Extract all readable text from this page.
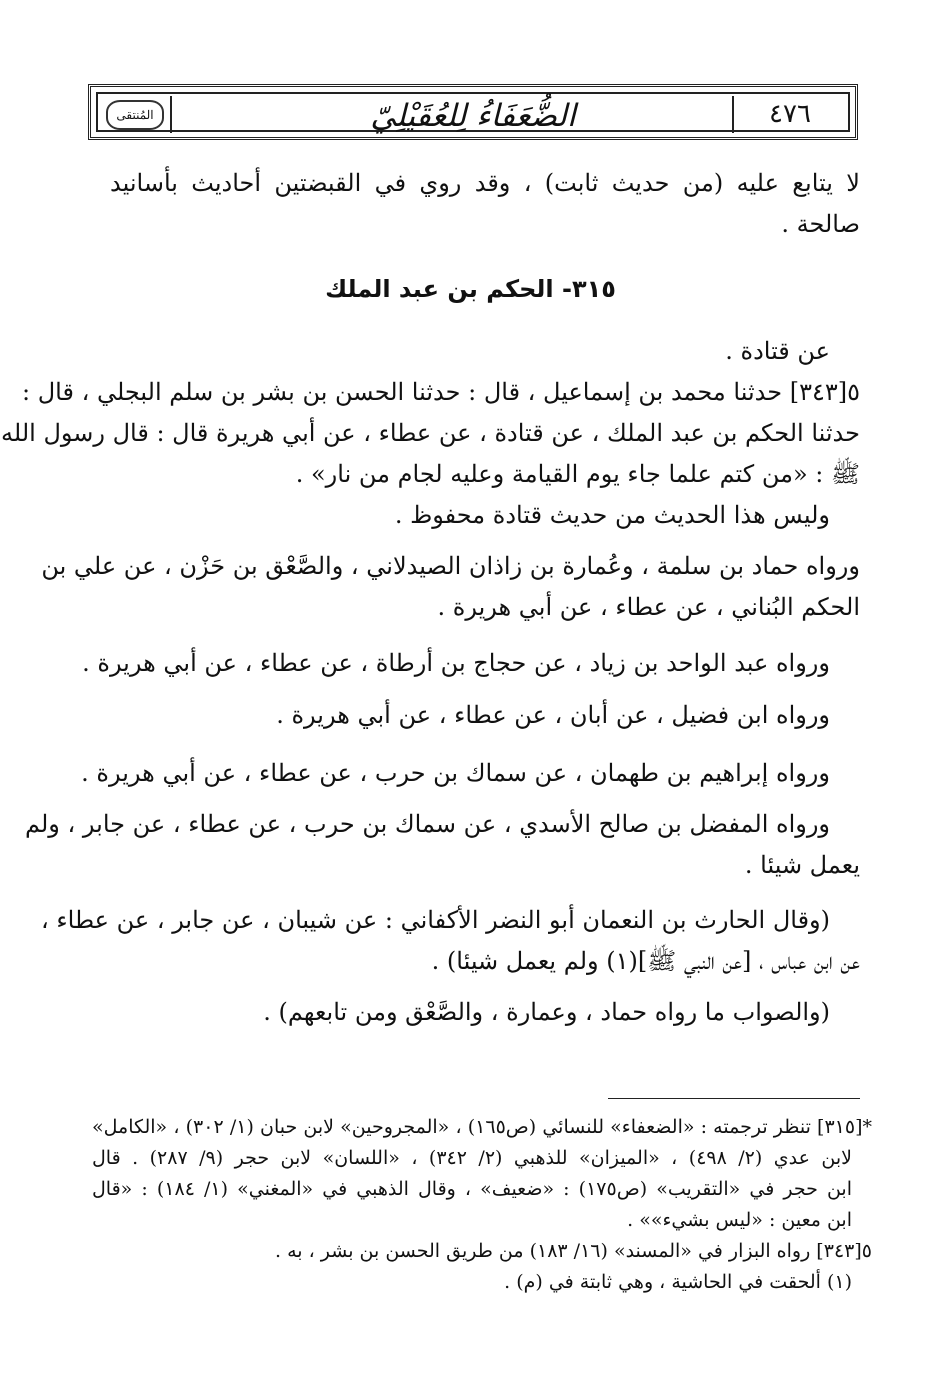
٤٧٦
الضُّعَفَاءُ لِلعُقَيْلِيّ
المُنتقى
لا يتابع عليه (من حديث ثابت) ، وقد روي في القبضتين أحاديث بأسانيد
صالحة .
٣١٥- الحكم بن عبد الملك
عن قتادة .
٥[٣٤٣] حدثنا محمد بن إسماعيل ، قال : حدثنا الحسن بن بشر بن سلم البجلي ، قال :
حدثنا الحكم بن عبد الملك ، عن قتادة ، عن عطاء ، عن أبي هريرة قال : قال رسول الله
ﷺ : «من كتم علما جاء يوم القيامة وعليه لجام من نار» .
وليس هذا الحديث من حديث قتادة محفوظ .
ورواه حماد بن سلمة ، وعُمارة بن زاذان الصيدلاني ، والصَّعْق بن حَزْن ، عن علي بن
الحكم البُناني ، عن عطاء ، عن أبي هريرة .
ورواه عبد الواحد بن زياد ، عن حجاج بن أرطاة ، عن عطاء ، عن أبي هريرة .
ورواه ابن فضيل ، عن أبان ، عن عطاء ، عن أبي هريرة .
ورواه إبراهيم بن طهمان ، عن سماك بن حرب ، عن عطاء ، عن أبي هريرة .
ورواه المفضل بن صالح الأسدي ، عن سماك بن حرب ، عن عطاء ، عن جابر ، ولم
يعمل شيئا .
(وقال الحارث بن النعمان أبو النضر الأكفاني : عن شيبان ، عن جابر ، عن عطاء ،
عن ابن عباس ، [عن النبي ﷺ](١) ولم يعمل شيئا) .
(والصواب ما رواه حماد ، وعمارة ، والصَّعْق ومن تابعهم) .
*[٣١٥] تنظر ترجمته : «الضعفاء» للنسائي (ص١٦٥) ، «المجروحين» لابن حبان (١/ ٣٠٢) ، «الكامل»
لابن عدي (٢/ ٤٩٨) ، «الميزان» للذهبي (٢/ ٣٤٢) ، «اللسان» لابن حجر (٩/ ٢٨٧) . قال
ابن حجر في «التقريب» (ص١٧٥) : «ضعيف» ، وقال الذهبي في «المغني» (١/ ١٨٤) : «قال
ابن معين : «ليس بشيء»» .
٥[٣٤٣] رواه البزار في «المسند» (١٦/ ١٨٣) من طريق الحسن بن بشر ، به .
(١) ألحقت في الحاشية ، وهي ثابتة في (م) .
